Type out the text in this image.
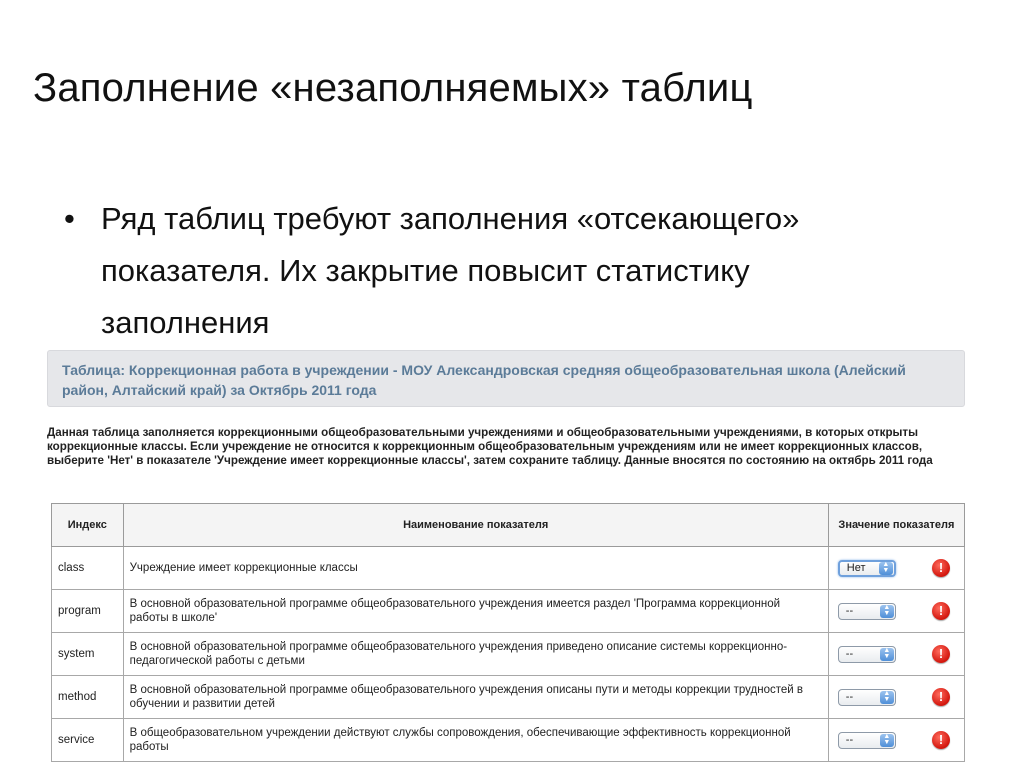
Заполнение «незаполняемых» таблиц
• Ряд таблиц требуют заполнения «отсекающего» показателя. Их закрытие повысит статистику заполнения
Таблица: Коррекционная работа в учреждении - МОУ Александровская средняя общеобразовательная школа (Алейский район, Алтайский край) за Октябрь 2011 года
Данная таблица заполняется коррекционными общеобразовательными учреждениями и общеобразовательными учреждениями, в которых открыты коррекционные классы. Если учреждение не относится к коррекционным общеобразовательным учреждениям или не имеет коррекционных классов, выберите 'Нет' в показателе 'Учреждение имеет коррекционные классы', затем сохраните таблицу. Данные вносятся по состоянию на октябрь 2011 года
Индекс	Наименование показателя	Значение показателя
class	Учреждение имеет коррекционные классы	Нет ▲
▼ !

program	В основной образовательной программе общеобразовательного учреждения имеется раздел 'Программа коррекционной работы в школе'	-- ▲
▼ !

system	В основной образовательной программе общеобразовательного учреждения приведено описание системы коррекционно-педагогической работы с детьми	-- ▲
▼ !

method	В основной образовательной программе общеобразовательного учреждения описаны пути и методы коррекции трудностей в обучении и развитии детей	-- ▲
▼ !

service	В общеобразовательном учреждении действуют службы сопровождения, обеспечивающие эффективность коррекционной работы	-- ▲
▼ !
